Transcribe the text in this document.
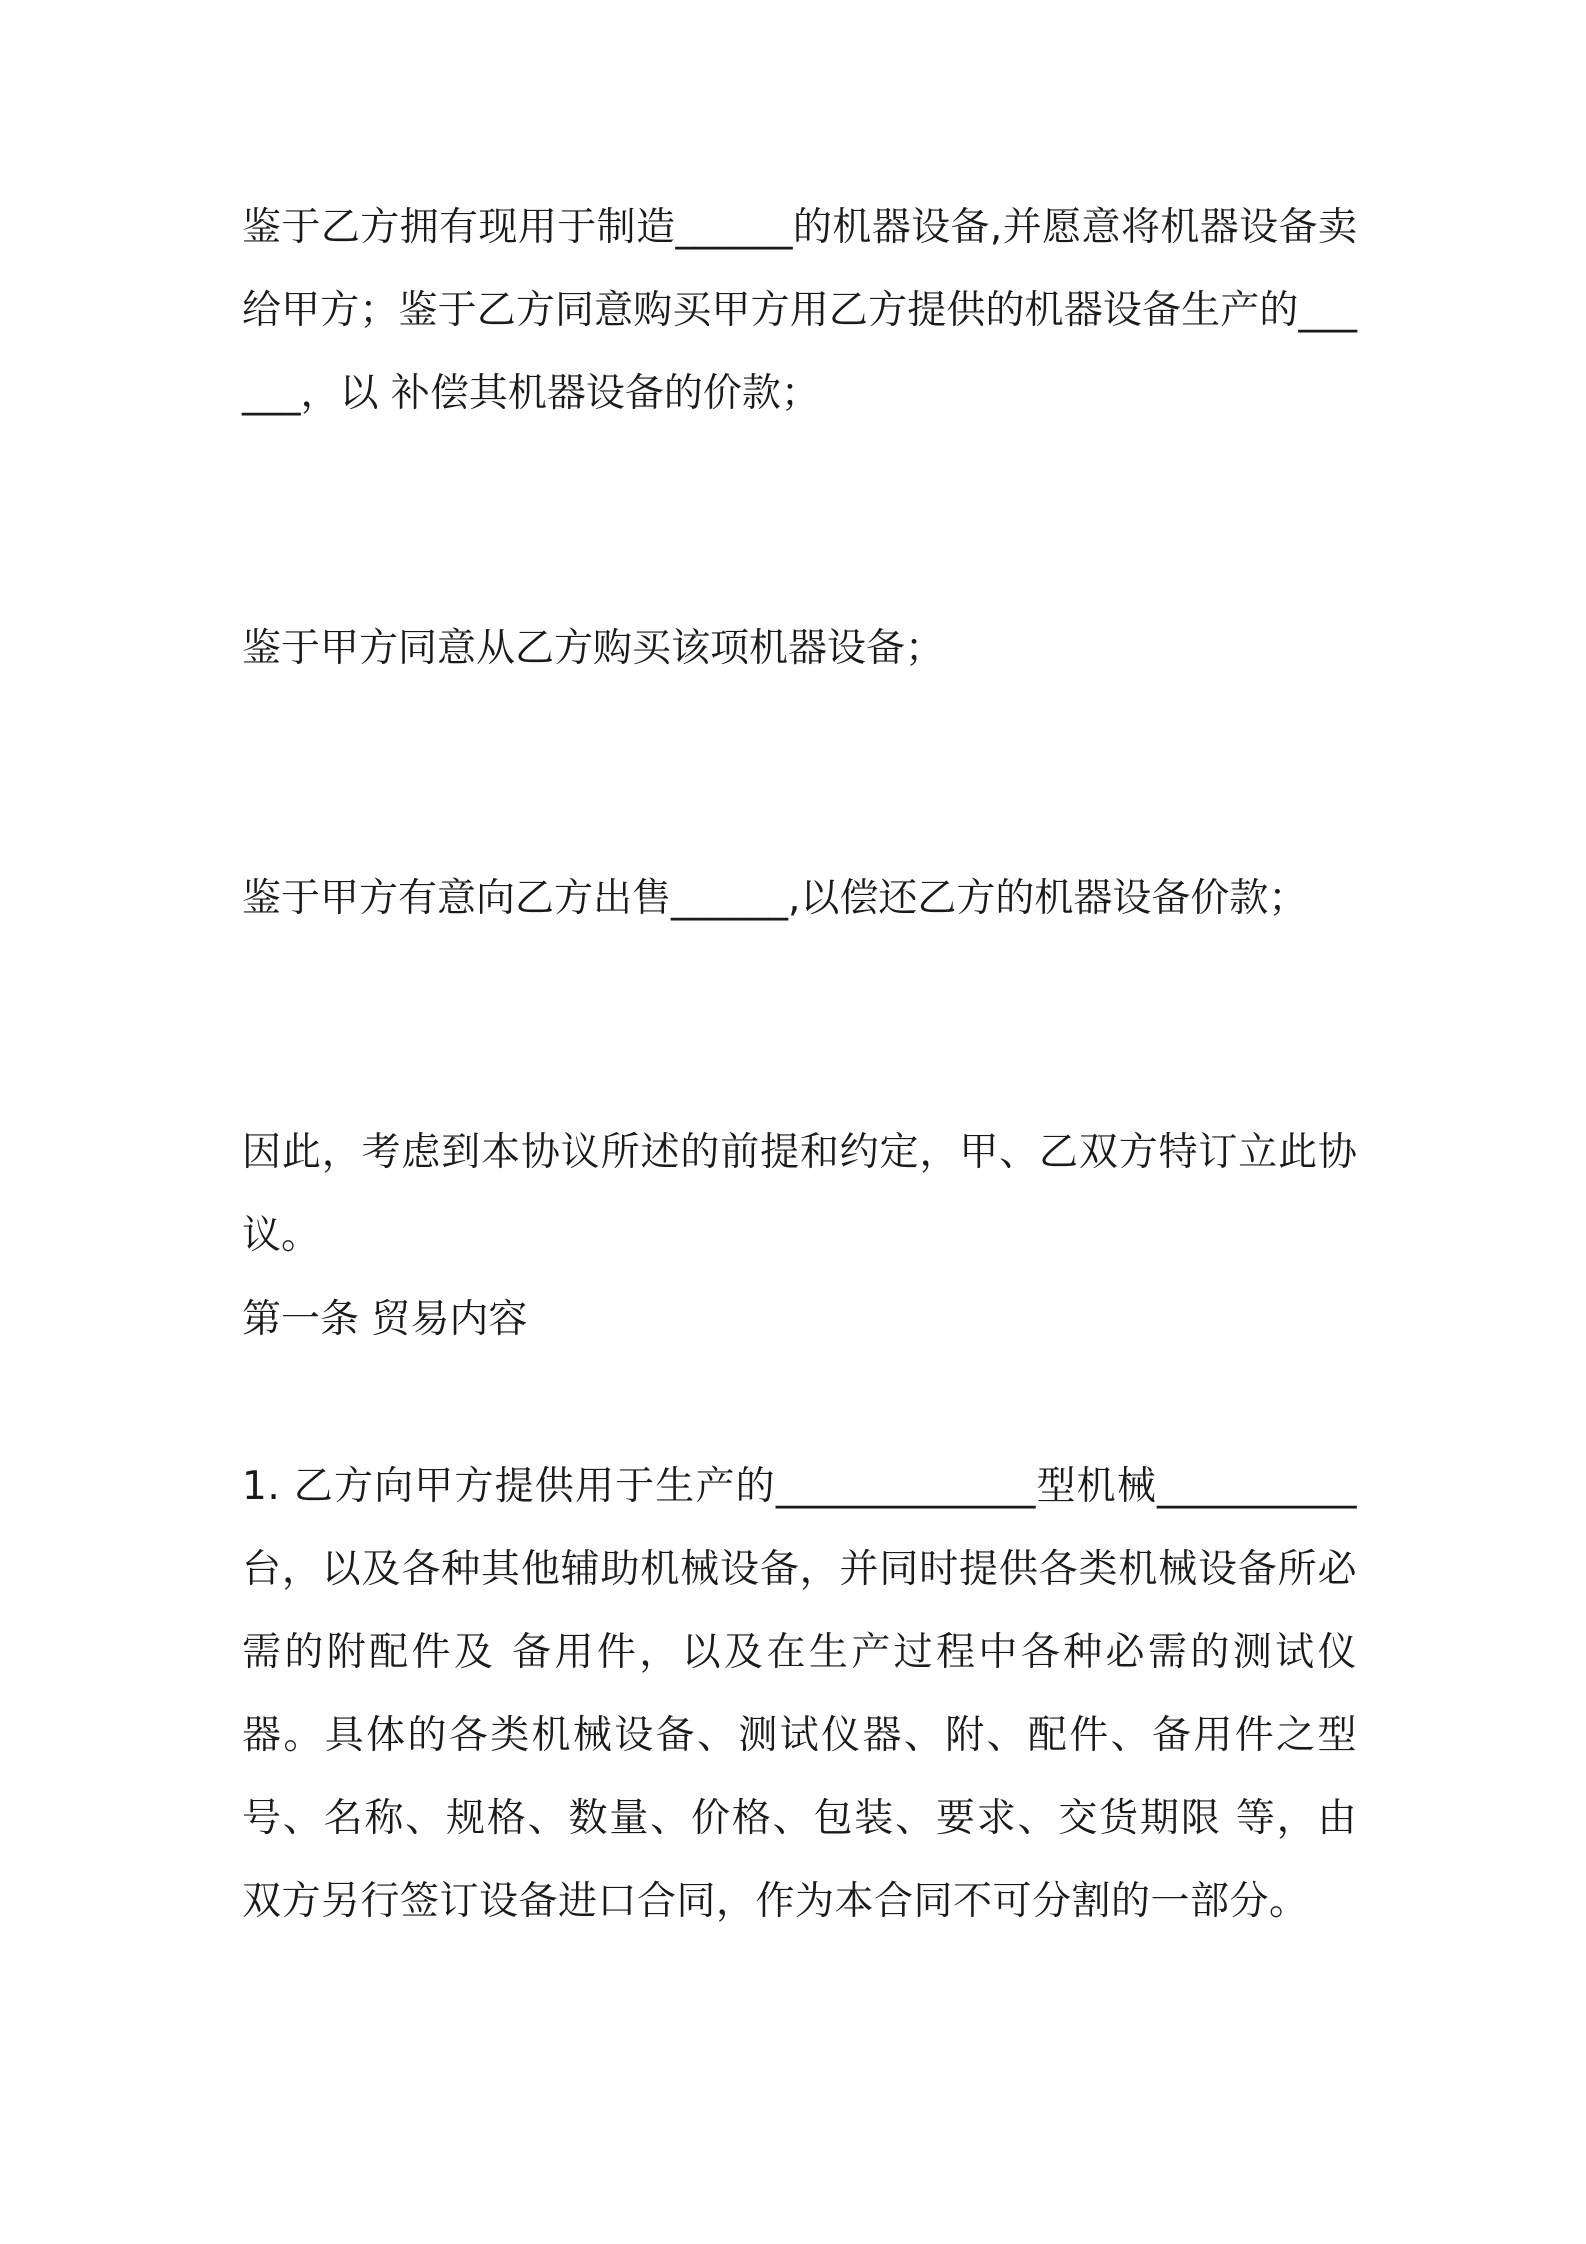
鉴于乙方拥有现用于制造______的机器设备,并愿意将机器设备卖给甲方；鉴于乙方同意购买甲方用乙方提供的机器设备生产的______，以 补偿其机器设备的价款；

鉴于甲方同意从乙方购买该项机器设备；

鉴于甲方有意向乙方出售______,以偿还乙方的机器设备价款；

因此，考虑到本协议所述的前提和约定，甲、乙双方特订立此协议。

第一条 贸易内容

1. 乙方向甲方提供用于生产的_____________型机械__________台，以及各种其他辅助机械设备，并同时提供各类机械设备所必需的附配件及 备用件，以及在生产过程中各种必需的测试仪器。具体的各类机械设备、测试仪器、附、配件、备用件之型号、名称、规格、数量、价格、包装、要求、交货期限 等，由双方另行签订设备进口合同，作为本合同不可分割的一部分。
